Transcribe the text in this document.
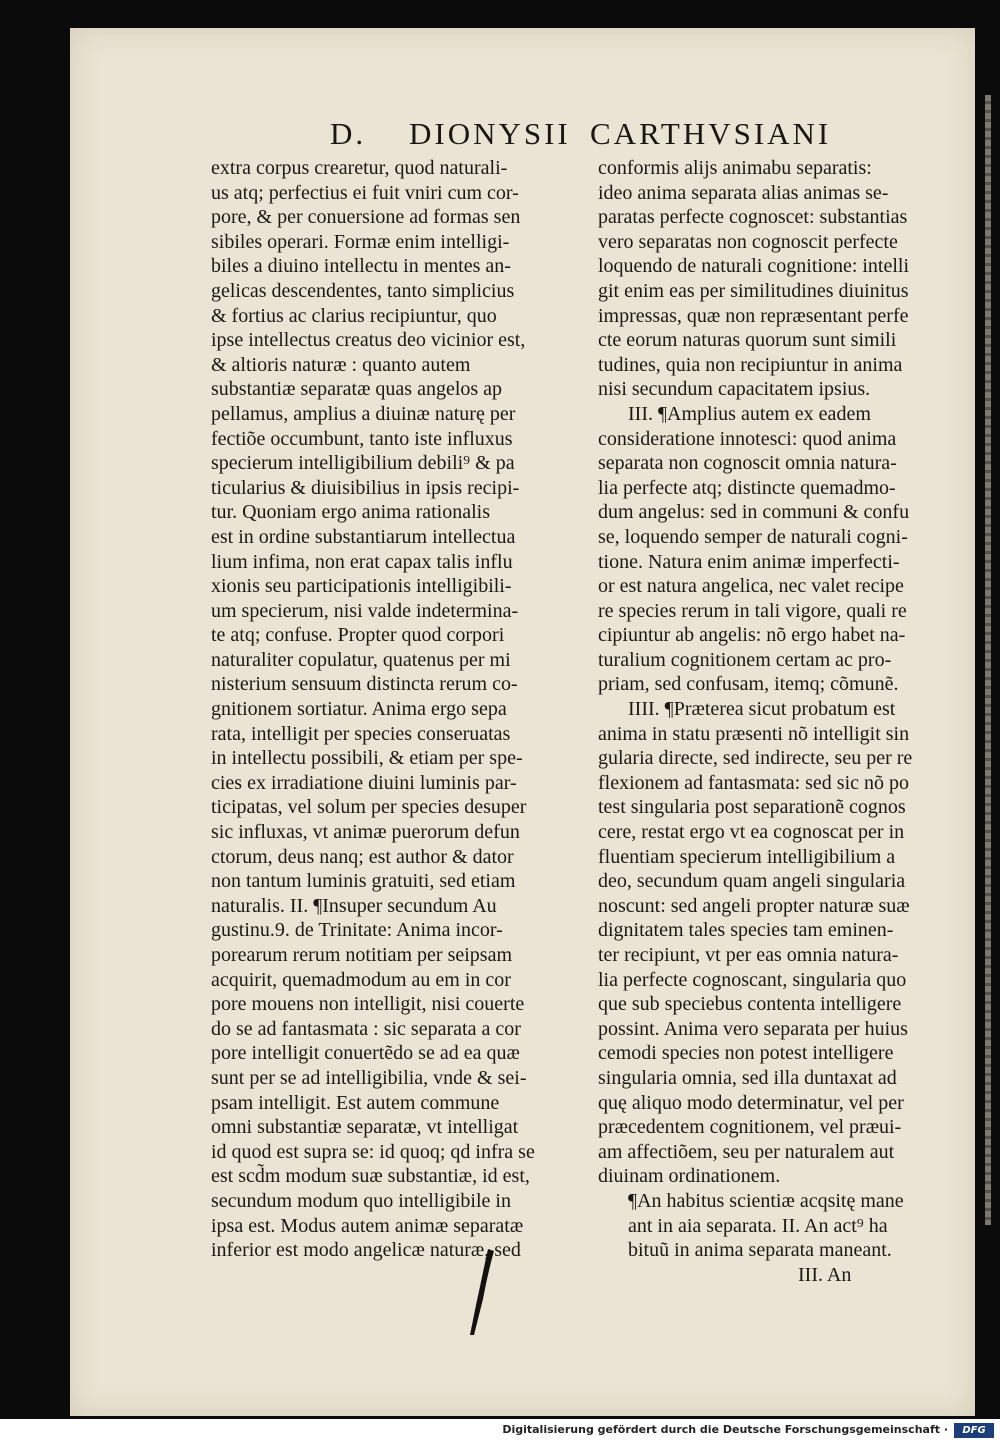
D. DIONYSII CARTHVSIANI
extra corpus crearetur, quod naturali-
us atq; perfectius ei fuit vniri cum cor-
pore, & per conuersione ad formas sen
sibiles operari. Formæ enim intelligi-
biles a diuino intellectu in mentes an-
gelicas descendentes, tanto simplicius
& fortius ac clarius recipiuntur, quo
ipse intellectus creatus deo vicinior est,
& altioris naturæ : quanto autem
substantiæ separatæ quas angelos ap
pellamus, amplius a diuinæ naturę per
fectiõe occumbunt, tanto iste influxus
specierum intelligibilium debili⁹ & pa
ticularius & diuisibilius in ipsis recipi-
tur. Quoniam ergo anima rationalis
est in ordine substantiarum intellectua
lium infima, non erat capax talis influ
xionis seu participationis intelligibili-
um specierum, nisi valde indetermina-
te atq; confuse. Propter quod corpori
naturaliter copulatur, quatenus per mi
nisterium sensuum distincta rerum co-
gnitionem sortiatur. Anima ergo sepa
rata, intelligit per species conseruatas
in intellectu possibili, & etiam per spe-
cies ex irradiatione diuini luminis par-
ticipatas, vel solum per species desuper
sic influxas, vt animæ puerorum defun
ctorum, deus nanq; est author & dator
non tantum luminis gratuiti, sed etiam
naturalis. II. ¶Insuper secundum Au
gustinu.9. de Trinitate: Anima incor-
porearum rerum notitiam per seipsam
acquirit, quemadmodum au em in cor
pore mouens non intelligit, nisi couerte
do se ad fantasmata : sic separata a cor
pore intelligit conuertẽdo se ad ea quæ
sunt per se ad intelligibilia, vnde & sei-
psam intelligit. Est autem commune
omni substantiæ separatæ, vt intelligat
id quod est supra se: id quoq; qd infra se
est scd̃m modum suæ substantiæ, id est,
secundum modum quo intelligibile in
ipsa est. Modus autem animæ separatæ
inferior est modo angelicæ naturæ, sed
conformis alijs animabu separatis:
ideo anima separata alias animas se-
paratas perfecte cognoscet: substantias
vero separatas non cognoscit perfecte
loquendo de naturali cognitione: intelli
git enim eas per similitudines diuinitus
impressas, quæ non repræsentant perfe
cte eorum naturas quorum sunt simili
tudines, quia non recipiuntur in anima
nisi secundum capacitatem ipsius.
III. ¶Amplius autem ex eadem
consideratione innotesci: quod anima
separata non cognoscit omnia natura-
lia perfecte atq; distincte quemadmo-
dum angelus: sed in communi & confu
se, loquendo semper de naturali cogni-
tione. Natura enim animæ imperfecti-
or est natura angelica, nec valet recipe
re species rerum in tali vigore, quali re
cipiuntur ab angelis: nõ ergo habet na-
turalium cognitionem certam ac pro-
priam, sed confusam, itemq; cõmunẽ.
IIII. ¶Præterea sicut probatum est
anima in statu præsenti nõ intelligit sin
gularia directe, sed indirecte, seu per re
flexionem ad fantasmata: sed sic nõ po
test singularia post separationẽ cognos
cere, restat ergo vt ea cognoscat per in
fluentiam specierum intelligibilium a
deo, secundum quam angeli singularia
noscunt: sed angeli propter naturæ suæ
dignitatem tales species tam eminen-
ter recipiunt, vt per eas omnia natura-
lia perfecte cognoscant, singularia quo
que sub speciebus contenta intelligere
possint. Anima vero separata per huius
cemodi species non potest intelligere
singularia omnia, sed illa duntaxat ad
quę aliquo modo determinatur, vel per
præcedentem cognitionem, vel præui-
am affectiõem, seu per naturalem aut
diuinam ordinationem.
¶An habitus scientiæ acqsitę mane
ant in aia separata. II. An act⁹ ha
bituũ in anima separata maneant.
III. An
Digitalisierung gefördert durch die Deutsche Forschungsgemeinschaft ·	DFG
